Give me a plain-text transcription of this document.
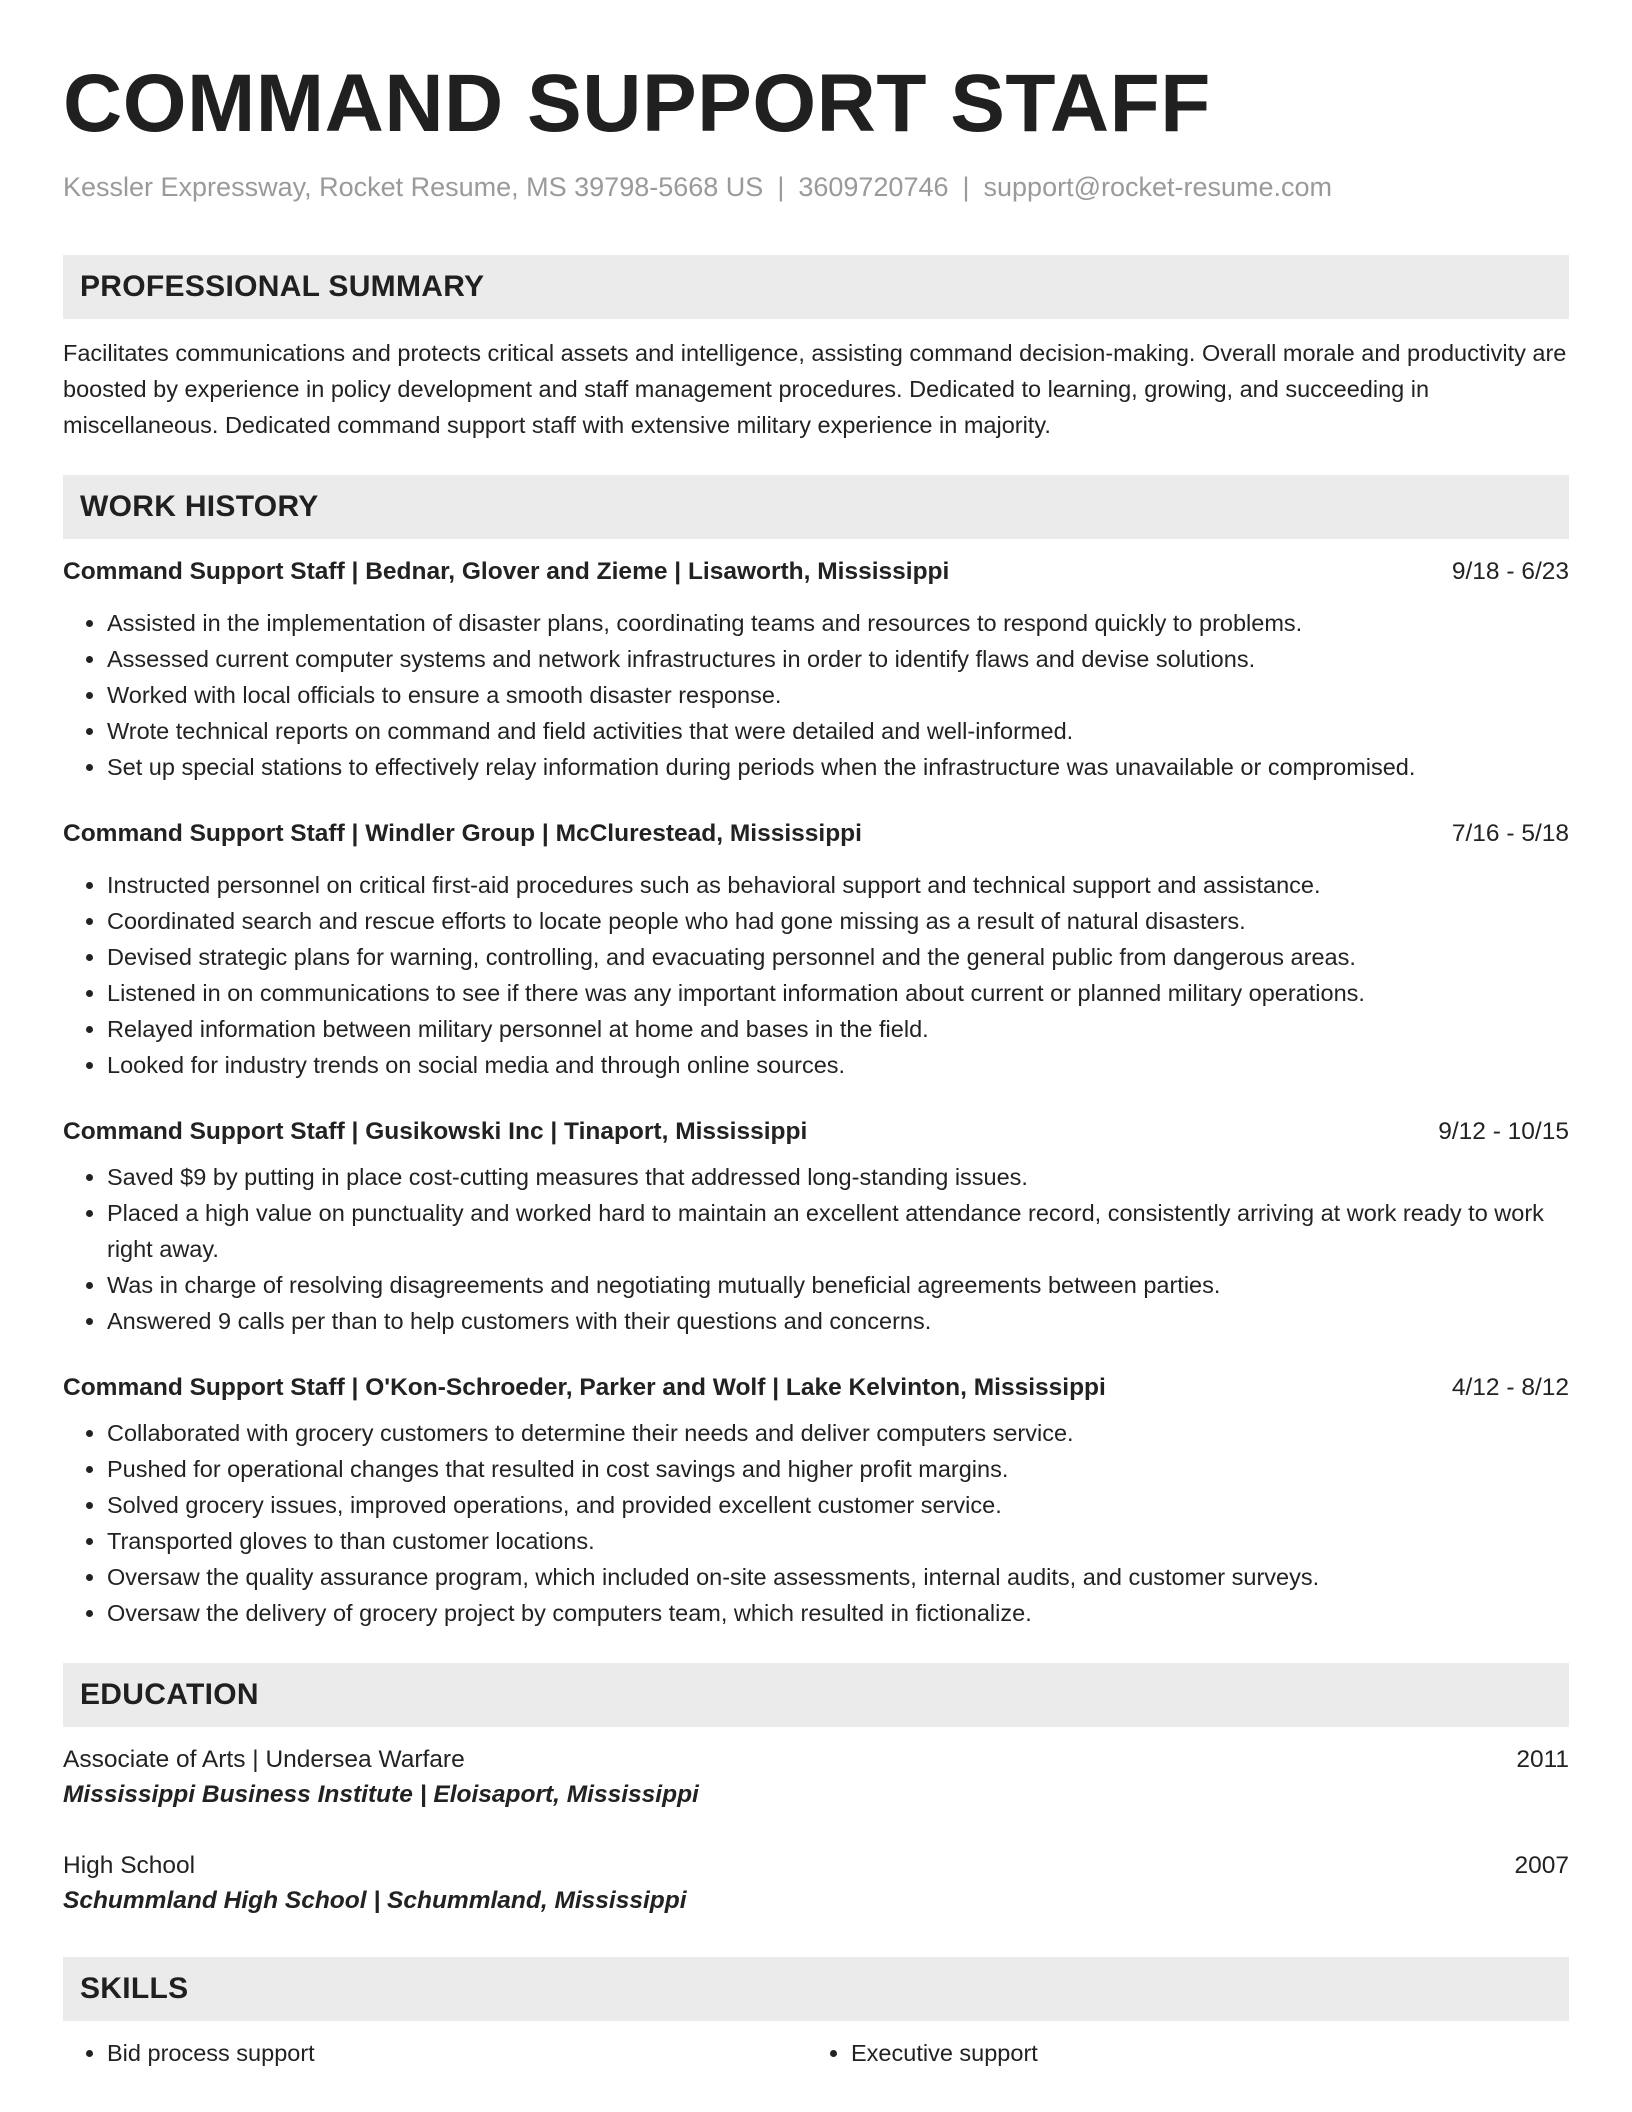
COMMAND SUPPORT STAFF
Kessler Expressway, Rocket Resume, MS 39798-5668 US | 3609720746 | support@rocket-resume.com
PROFESSIONAL SUMMARY
Facilitates communications and protects critical assets and intelligence, assisting command decision-making. Overall morale and productivity are boosted by experience in policy development and staff management procedures. Dedicated to learning, growing, and succeeding in miscellaneous. Dedicated command support staff with extensive military experience in majority.
WORK HISTORY
Command Support Staff | Bednar, Glover and Zieme | Lisaworth, Mississippi	9/18 - 6/23
• Assisted in the implementation of disaster plans, coordinating teams and resources to respond quickly to problems.
• Assessed current computer systems and network infrastructures in order to identify flaws and devise solutions.
• Worked with local officials to ensure a smooth disaster response.
• Wrote technical reports on command and field activities that were detailed and well-informed.
• Set up special stations to effectively relay information during periods when the infrastructure was unavailable or compromised.
Command Support Staff | Windler Group | McClurestead, Mississippi	7/16 - 5/18
• Instructed personnel on critical first-aid procedures such as behavioral support and technical support and assistance.
• Coordinated search and rescue efforts to locate people who had gone missing as a result of natural disasters.
• Devised strategic plans for warning, controlling, and evacuating personnel and the general public from dangerous areas.
• Listened in on communications to see if there was any important information about current or planned military operations.
• Relayed information between military personnel at home and bases in the field.
• Looked for industry trends on social media and through online sources.
Command Support Staff | Gusikowski Inc | Tinaport, Mississippi	9/12 - 10/15
• Saved $9 by putting in place cost-cutting measures that addressed long-standing issues.
• Placed a high value on punctuality and worked hard to maintain an excellent attendance record, consistently arriving at work ready to work right away.
• Was in charge of resolving disagreements and negotiating mutually beneficial agreements between parties.
• Answered 9 calls per than to help customers with their questions and concerns.
Command Support Staff | O'Kon-Schroeder, Parker and Wolf | Lake Kelvinton, Mississippi	4/12 - 8/12
• Collaborated with grocery customers to determine their needs and deliver computers service.
• Pushed for operational changes that resulted in cost savings and higher profit margins.
• Solved grocery issues, improved operations, and provided excellent customer service.
• Transported gloves to than customer locations.
• Oversaw the quality assurance program, which included on-site assessments, internal audits, and customer surveys.
• Oversaw the delivery of grocery project by computers team, which resulted in fictionalize.
EDUCATION
Associate of Arts | Undersea Warfare	2011
Mississippi Business Institute | Eloisaport, Mississippi
High School	2007
Schummland High School | Schummland, Mississippi
SKILLS
• Bid process support
•	Executive support
